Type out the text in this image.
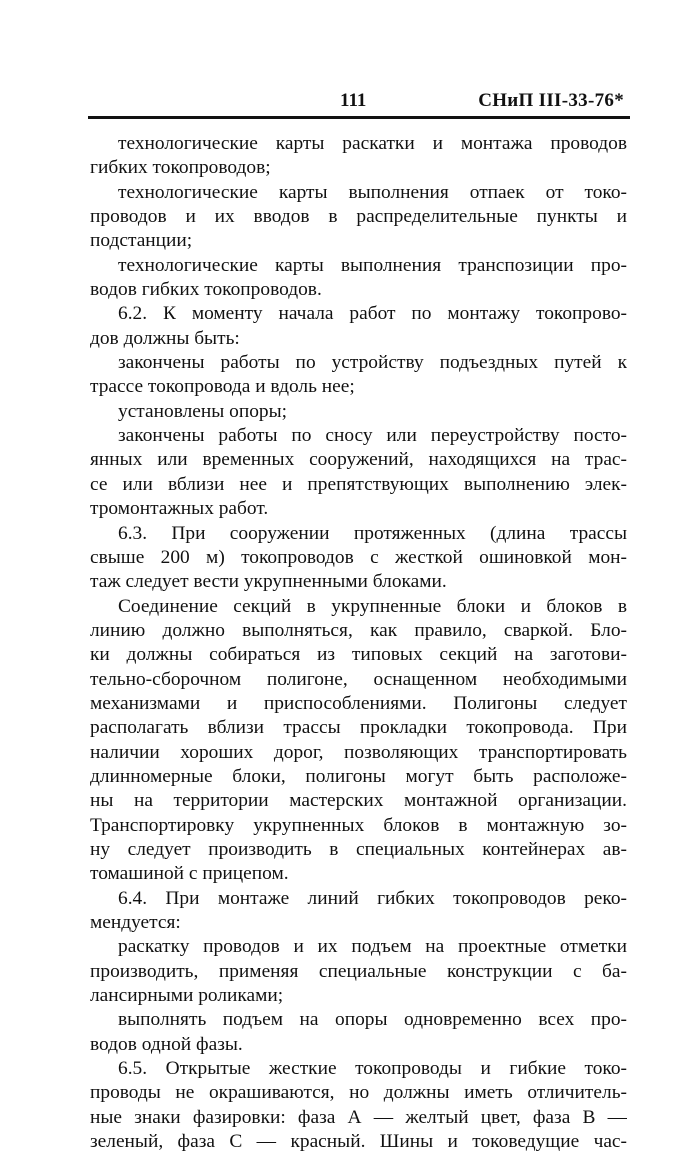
111	СНиП III-33-76*
технологические карты раскатки и монтажа проводов
гибких токопроводов;
технологические карты выполнения отпаек от токо-
проводов и их вводов в распределительные пункты и
подстанции;
технологические карты выполнения транспозиции про-
водов гибких токопроводов.
6.2. К моменту начала работ по монтажу токопрово-
дов должны быть:
закончены работы по устройству подъездных путей к
трассе токопровода и вдоль нее;
установлены опоры;
закончены работы по сносу или переустройству посто-
янных или временных сооружений, находящихся на трас-
се или вблизи нее и препятствующих выполнению элек-
тромонтажных работ.
6.3. При сооружении протяженных (длина трассы
свыше 200 м) токопроводов с жесткой ошиновкой мон-
таж следует вести укрупненными блоками.
Соединение секций в укрупненные блоки и блоков в
линию должно выполняться, как правило, сваркой. Бло-
ки должны собираться из типовых секций на заготови-
тельно-сборочном полигоне, оснащенном необходимыми
механизмами и приспособлениями. Полигоны следует
располагать вблизи трассы прокладки токопровода. При
наличии хороших дорог, позволяющих транспортировать
длинномерные блоки, полигоны могут быть расположе-
ны на территории мастерских монтажной организации.
Транспортировку укрупненных блоков в монтажную зо-
ну следует производить в специальных контейнерах ав-
томашиной с прицепом.
6.4. При монтаже линий гибких токопроводов реко-
мендуется:
раскатку проводов и их подъем на проектные отметки
производить, применяя специальные конструкции с ба-
лансирными роликами;
выполнять подъем на опоры одновременно всех про-
водов одной фазы.
6.5. Открытые жесткие токопроводы и гибкие токо-
проводы не окрашиваются, но должны иметь отличитель-
ные знаки фазировки: фаза А — желтый цвет, фаза В —
зеленый, фаза С — красный. Шины и токоведущие час-
